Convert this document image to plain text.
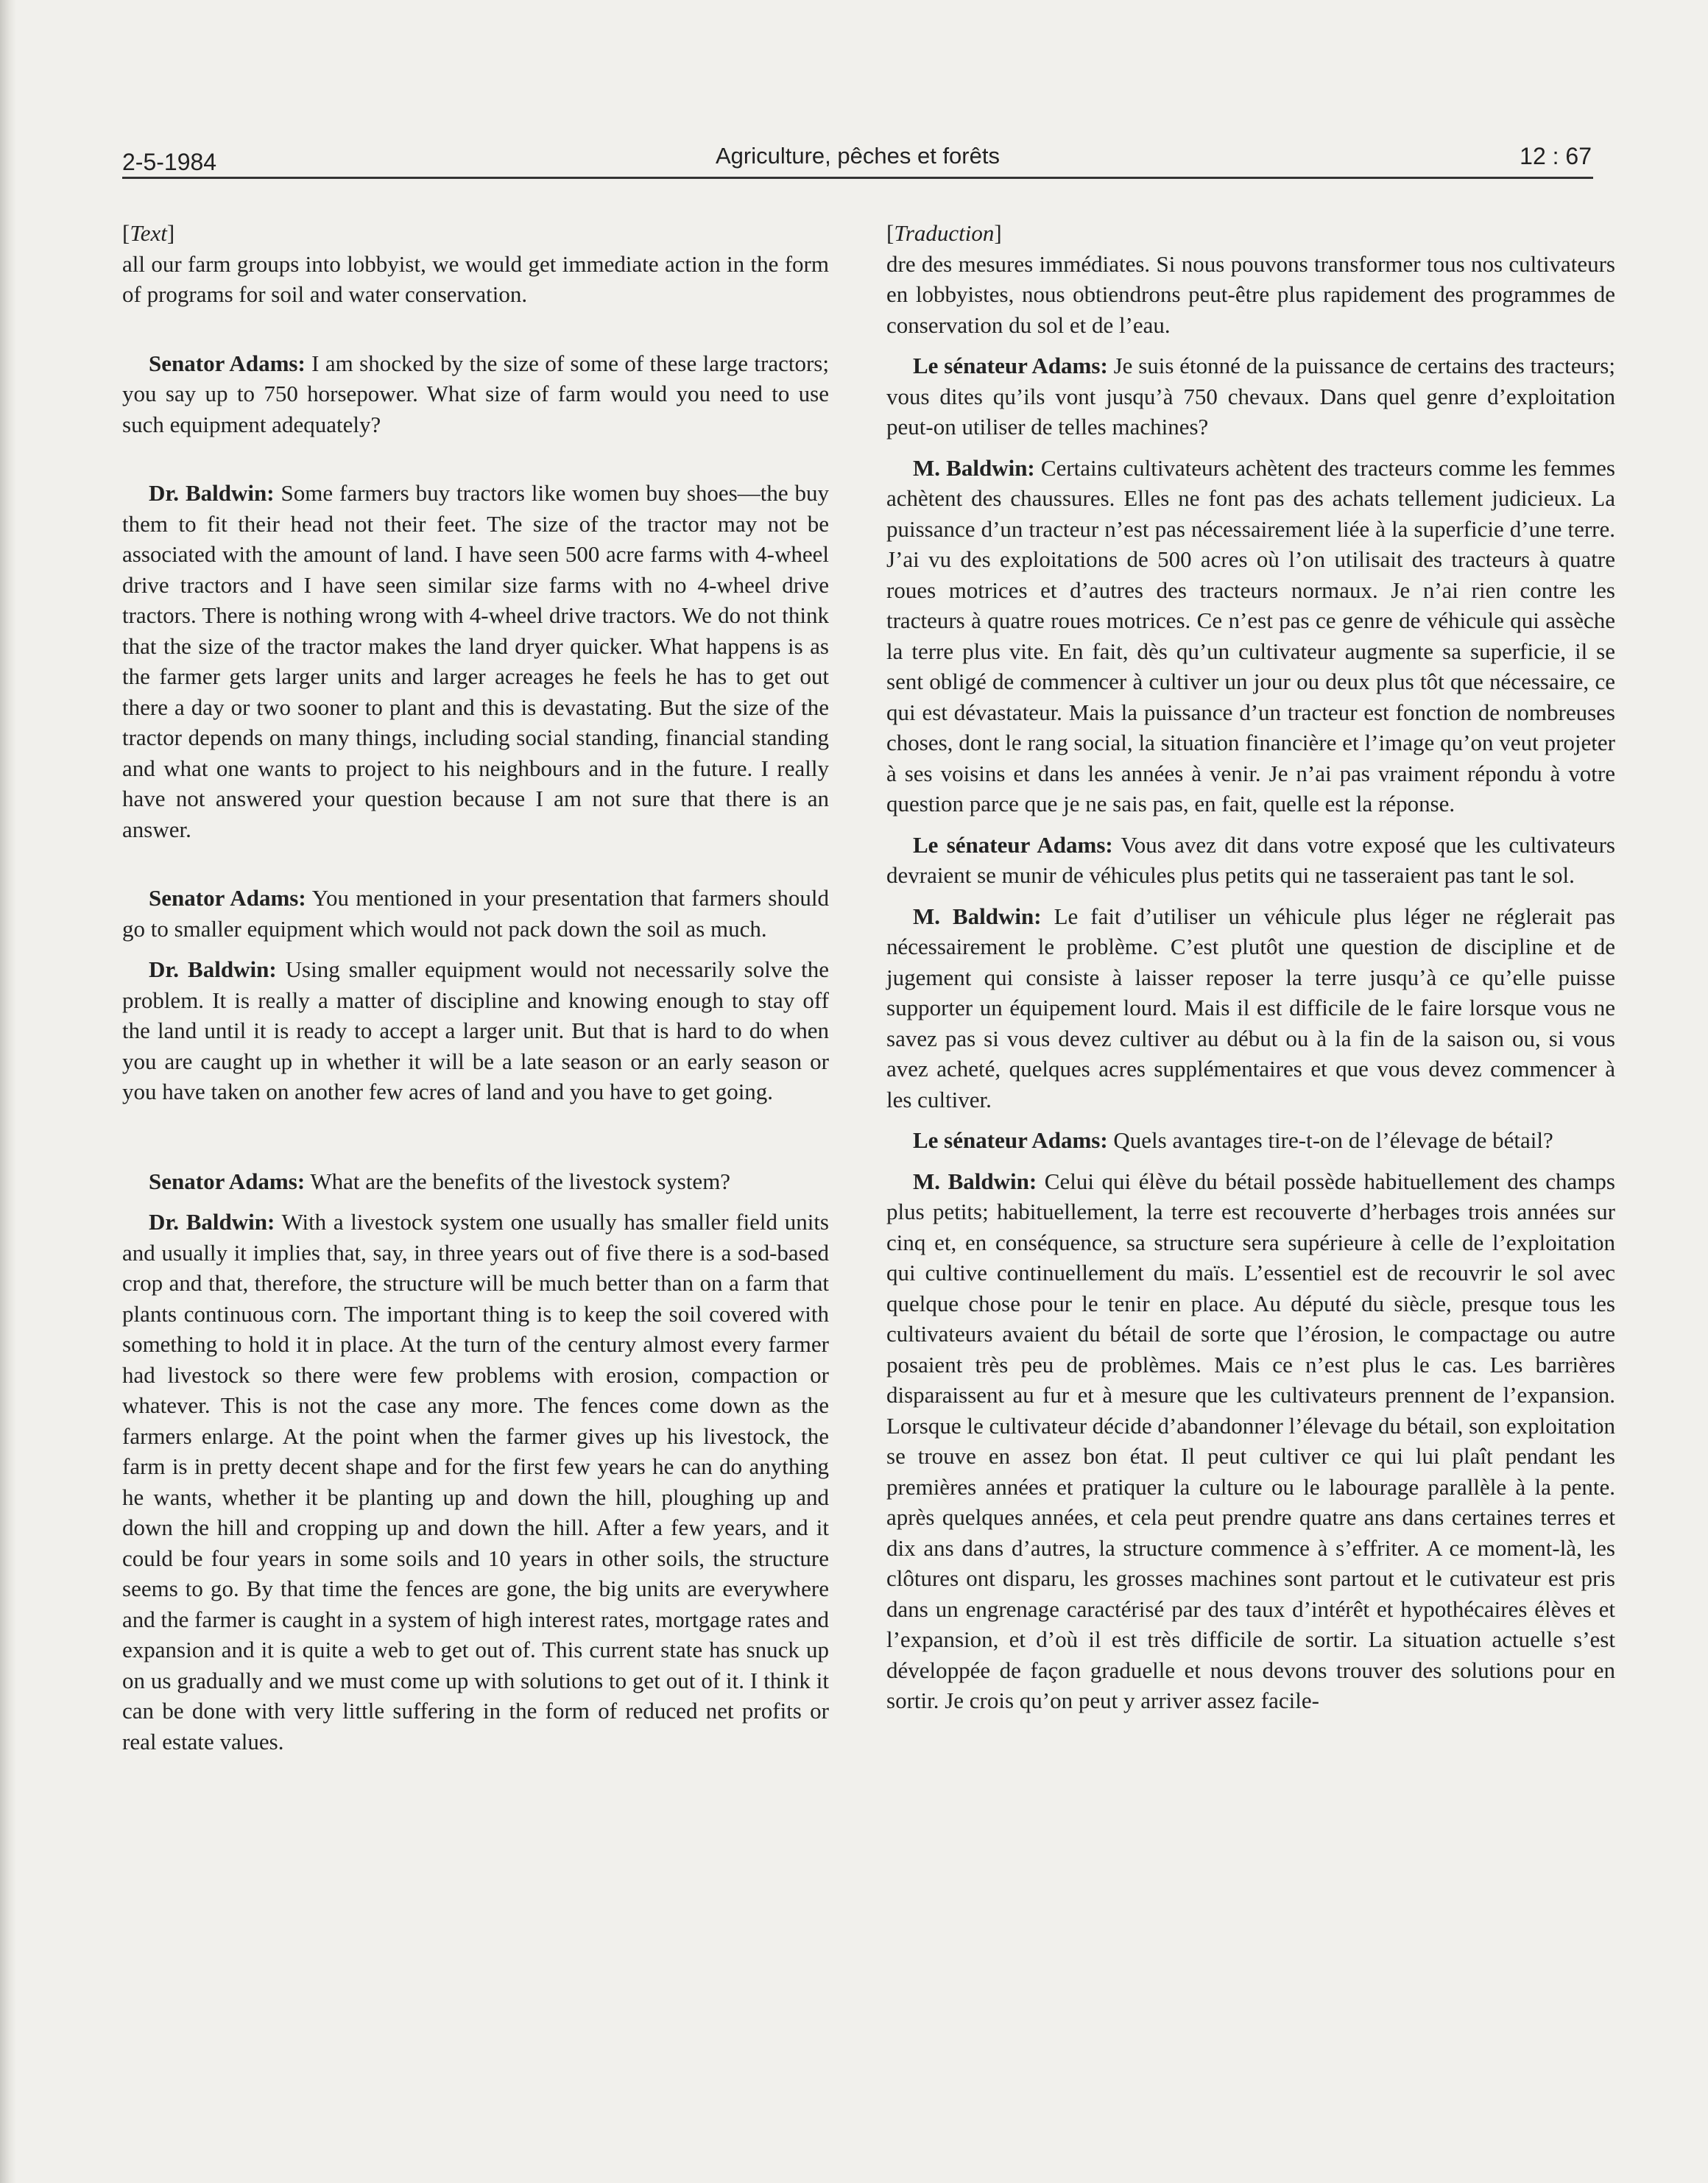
2-5-1984	Agriculture, pêches et forêts	12 : 67

[Text]

all our farm groups into lobbyist, we would get immediate action in the form of programs for soil and water conservation.

Senator Adams: I am shocked by the size of some of these large tractors; you say up to 750 horsepower. What size of farm would you need to use such equipment adequately?

Dr. Baldwin: Some farmers buy tractors like women buy shoes—the buy them to fit their head not their feet. The size of the tractor may not be associated with the amount of land. I have seen 500 acre farms with 4-wheel drive tractors and I have seen similar size farms with no 4-wheel drive tractors. There is nothing wrong with 4-wheel drive tractors. We do not think that the size of the tractor makes the land dryer quicker. What happens is as the farmer gets larger units and larger acreages he feels he has to get out there a day or two sooner to plant and this is devastating. But the size of the tractor depends on many things, including social standing, financial standing and what one wants to project to his neighbours and in the future. I really have not answered your question because I am not sure that there is an answer.

Senator Adams: You mentioned in your presentation that farmers should go to smaller equipment which would not pack down the soil as much.

Dr. Baldwin: Using smaller equipment would not necessarily solve the problem. It is really a matter of discipline and knowing enough to stay off the land until it is ready to accept a larger unit. But that is hard to do when you are caught up in whether it will be a late season or an early season or you have taken on another few acres of land and you have to get going.

Senator Adams: What are the benefits of the livestock system?

Dr. Baldwin: With a livestock system one usually has smaller field units and usually it implies that, say, in three years out of five there is a sod-based crop and that, therefore, the structure will be much better than on a farm that plants continuous corn. The important thing is to keep the soil covered with something to hold it in place. At the turn of the century almost every farmer had livestock so there were few problems with erosion, compaction or whatever. This is not the case any more. The fences come down as the farmers enlarge. At the point when the farmer gives up his livestock, the farm is in pretty decent shape and for the first few years he can do anything he wants, whether it be planting up and down the hill, ploughing up and down the hill and cropping up and down the hill. After a few years, and it could be four years in some soils and 10 years in other soils, the structure seems to go. By that time the fences are gone, the big units are everywhere and the farmer is caught in a system of high interest rates, mortgage rates and expansion and it is quite a web to get out of. This current state has snuck up on us gradually and we must come up with solutions to get out of it. I think it can be done with very little suffering in the form of reduced net profits or real estate values.

[Traduction]

dre des mesures immédiates. Si nous pouvons transformer tous nos cultivateurs en lobbyistes, nous obtiendrons peut-être plus rapidement des programmes de conservation du sol et de l’eau.

Le sénateur Adams: Je suis étonné de la puissance de certains des tracteurs; vous dites qu’ils vont jusqu’à 750 chevaux. Dans quel genre d’exploitation peut-on utiliser de telles machines?

M. Baldwin: Certains cultivateurs achètent des tracteurs comme les femmes achètent des chaussures. Elles ne font pas des achats tellement judicieux. La puissance d’un tracteur n’est pas nécessairement liée à la superficie d’une terre. J’ai vu des exploitations de 500 acres où l’on utilisait des tracteurs à quatre roues motrices et d’autres des tracteurs normaux. Je n’ai rien contre les tracteurs à quatre roues motrices. Ce n’est pas ce genre de véhicule qui assèche la terre plus vite. En fait, dès qu’un cultivateur augmente sa superficie, il se sent obligé de commencer à cultiver un jour ou deux plus tôt que nécessaire, ce qui est dévastateur. Mais la puissance d’un tracteur est fonction de nombreuses choses, dont le rang social, la situation financière et l’image qu’on veut projeter à ses voisins et dans les années à venir. Je n’ai pas vraiment répondu à votre question parce que je ne sais pas, en fait, quelle est la réponse.

Le sénateur Adams: Vous avez dit dans votre exposé que les cultivateurs devraient se munir de véhicules plus petits qui ne tasseraient pas tant le sol.

M. Baldwin: Le fait d’utiliser un véhicule plus léger ne réglerait pas nécessairement le problème. C’est plutôt une question de discipline et de jugement qui consiste à laisser reposer la terre jusqu’à ce qu’elle puisse supporter un équipement lourd. Mais il est difficile de le faire lorsque vous ne savez pas si vous devez cultiver au début ou à la fin de la saison ou, si vous avez acheté, quelques acres supplémentaires et que vous devez commencer à les cultiver.

Le sénateur Adams: Quels avantages tire-t-on de l’élevage de bétail?

M. Baldwin: Celui qui élève du bétail possède habituellement des champs plus petits; habituellement, la terre est recouverte d’herbages trois années sur cinq et, en conséquence, sa structure sera supérieure à celle de l’exploitation qui cultive continuellement du maïs. L’essentiel est de recouvrir le sol avec quelque chose pour le tenir en place. Au député du siècle, presque tous les cultivateurs avaient du bétail de sorte que l’érosion, le compactage ou autre posaient très peu de problèmes. Mais ce n’est plus le cas. Les barrières disparaissent au fur et à mesure que les cultivateurs prennent de l’expansion. Lorsque le cultivateur décide d’abandonner l’élevage du bétail, son exploitation se trouve en assez bon état. Il peut cultiver ce qui lui plaît pendant les premières années et pratiquer la culture ou le labourage parallèle à la pente. après quelques années, et cela peut prendre quatre ans dans certaines terres et dix ans dans d’autres, la structure commence à s’effriter. A ce moment-là, les clôtures ont disparu, les grosses machines sont partout et le cutivateur est pris dans un engrenage caractérisé par des taux d’intérêt et hypothécaires élèves et l’expansion, et d’où il est très difficile de sortir. La situation actuelle s’est développée de façon graduelle et nous devons trouver des solutions pour en sortir. Je crois qu’on peut y arriver assez facile-
